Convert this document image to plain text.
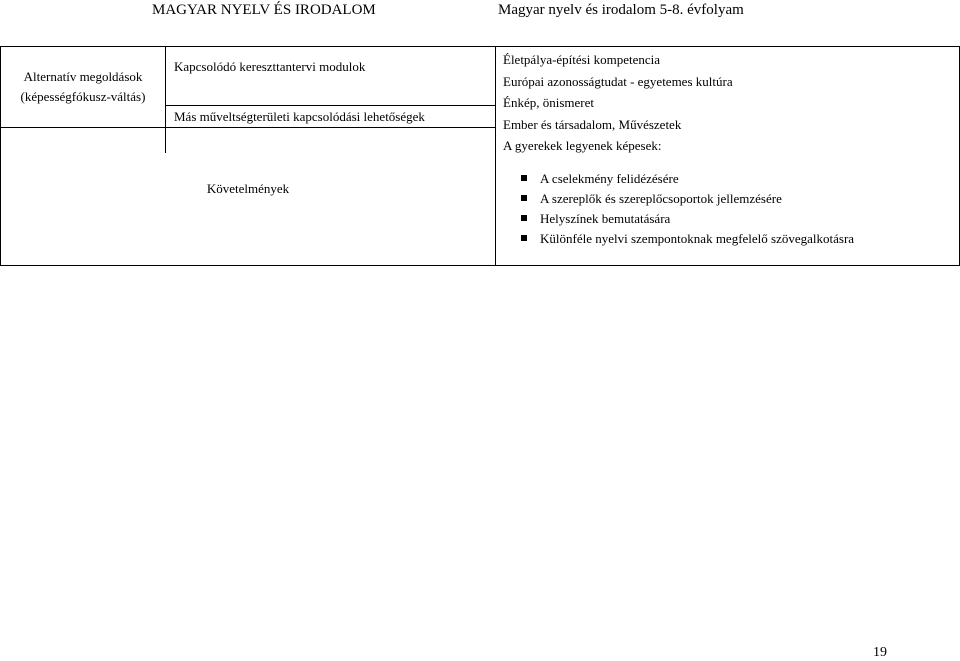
MAGYAR NYELV ÉS IRODALOM	Magyar nyelv és irodalom 5-8. évfolyam
Alternatív megoldások
(képességfókusz-váltás)
Kapcsolódó kereszttantervi modulok
Más műveltségterületi kapcsolódási lehetőségek
Életpálya-építési kompetencia
Európai azonosságtudat - egyetemes kultúra
Énkép, önismeret
Ember és társadalom, Művészetek
A gyerekek legyenek képesek:
Követelmények
A cselekmény felidézésére
A szereplők és szereplőcsoportok jellemzésére
Helyszínek bemutatására
Különféle nyelvi szempontoknak megfelelő szövegalkotásra
19
